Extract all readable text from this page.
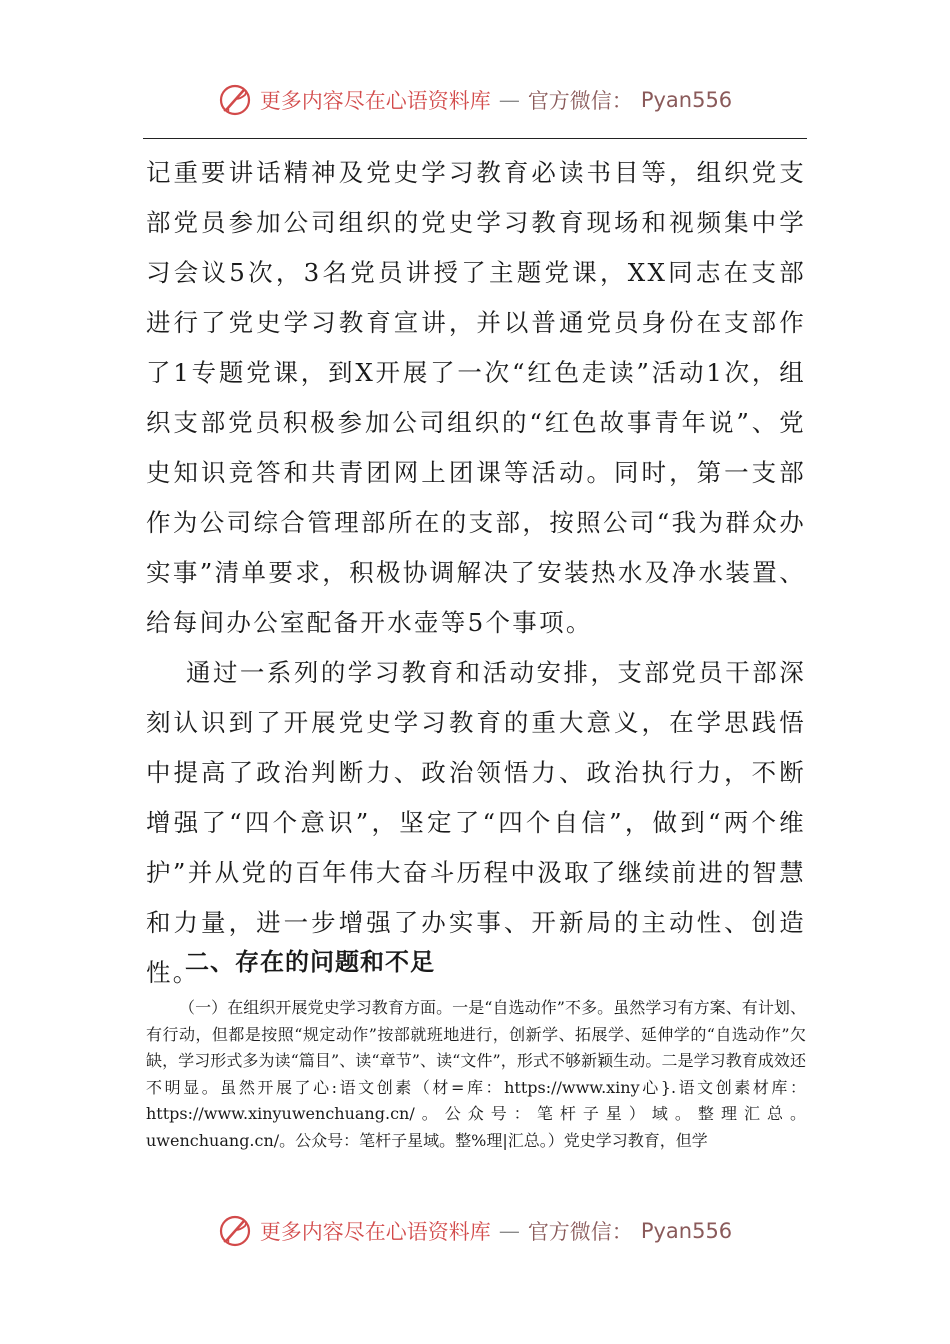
更多内容尽在心语资料库 — 官方微信： Pyan556

记重要讲话精神及党史学习教育必读书目等，组织党支部党员参加公司组织的党史学习教育现场和视频集中学习会议5次，3名党员讲授了主题党课，XX同志在支部进行了党史学习教育宣讲，并以普通党员身份在支部作了1专题党课，到X开展了一次“红色走读”活动1次，组织支部党员积极参加公司组织的“红色故事青年说”、党史知识竞答和共青团网上团课等活动。同时，第一支部作为公司综合管理部所在的支部，按照公司“我为群众办实事”清单要求，积极协调解决了安装热水及净水装置、给每间办公室配备开水壶等5个事项。

通过一系列的学习教育和活动安排，支部党员干部深刻认识到了开展党史学习教育的重大意义，在学思践悟中提高了政治判断力、政治领悟力、政治执行力，不断增强了“四个意识”，坚定了“四个自信”，做到“两个维护”并从党的百年伟大奋斗历程中汲取了继续前进的智慧和力量，进一步增强了办实事、开新局的主动性、创造性。

二、存在的问题和不足

（一）在组织开展党史学习教育方面。一是“自选动作”不多。虽然学习有方案、有计划、有行动，但都是按照“规定动作”按部就班地进行，创新学、拓展学、延伸学的“自选动作”欠缺，学习形式多为读“篇目”、读“章节”、读“文件”，形式不够新颖生动。二是学习教育成效还不明显。虽然开展了心:语文创素（材=库：https://www.xiny心}.语文创素材库：https://www.xinyuwenchuang.cn/。公众号：笔杆子星）域。整理汇总。uwenchuang.cn/。公众号：笔杆子星域。整%理|汇总。）党史学习教育，但学

更多内容尽在心语资料库 — 官方微信： Pyan556
